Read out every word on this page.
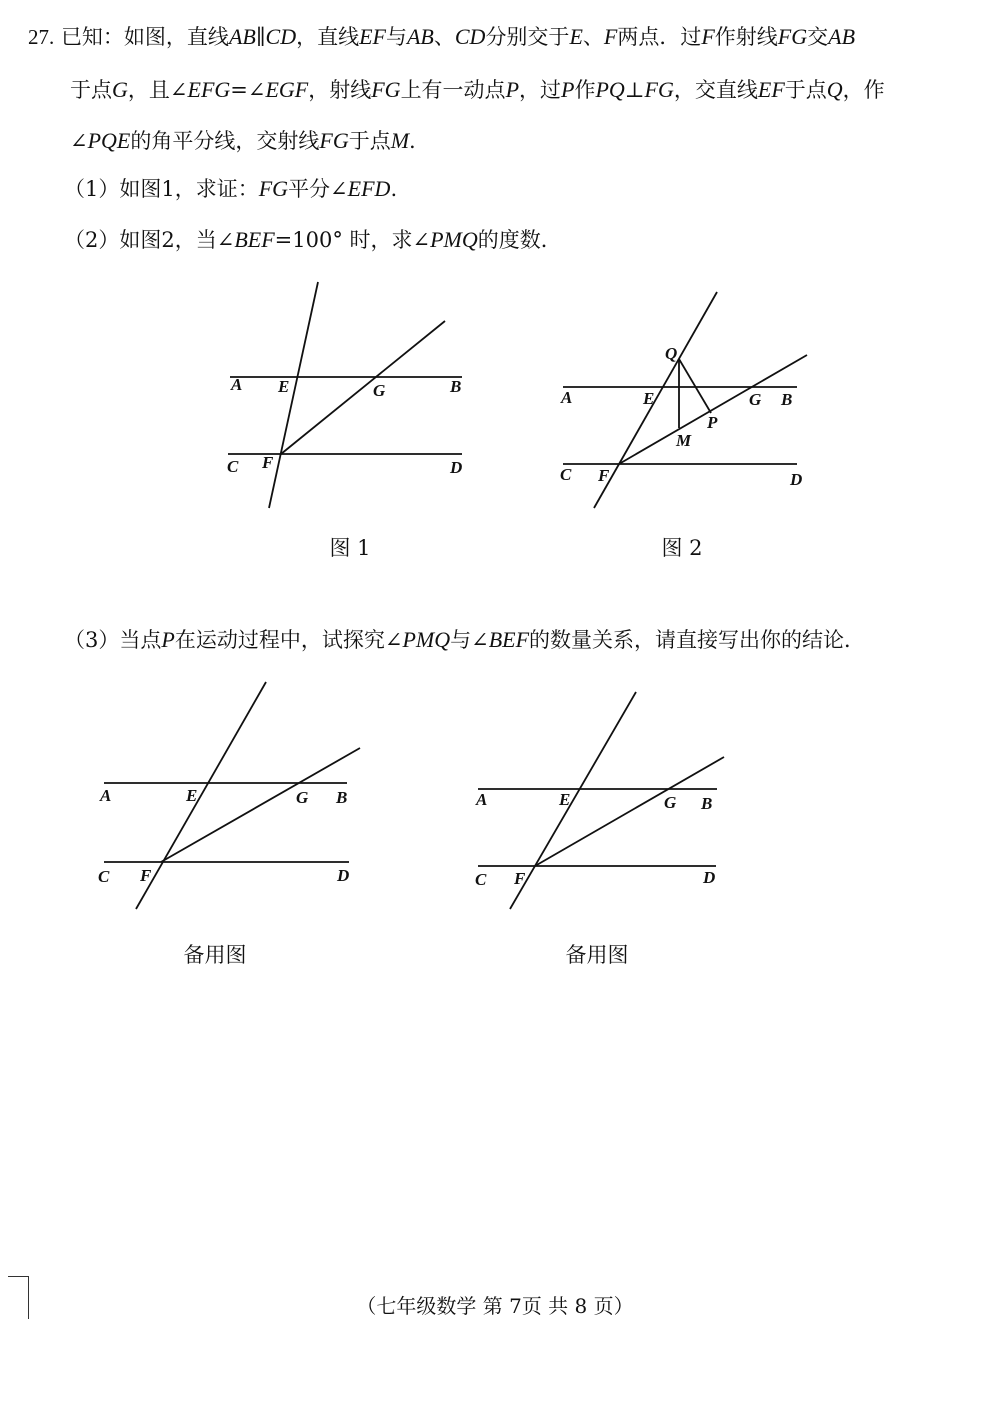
27. 已知：如图，直线AB∥CD，直线EF与AB、CD分别交于E、F两点．过F作射线FG交AB
于点G，且∠EFG=∠EGF，射线FG上有一动点P，过P作PQ⊥FG，交直线EF于点Q，作
∠PQE的角平分线，交射线FG于点M.
（1）如图1，求证：FG平分∠EFD.
（2）如图2，当∠BEF=100° 时，求∠PMQ的度数．
A E	G	B
C F	D
图 1
Q
A	E	G B
P
M
C F	D
图 2
（3）当点P在运动过程中，试探究∠PMQ与∠BEF的数量关系，请直接写出你的结论．
A	E	G B
C F	D
备用图
A	E	G B
C F	D
备用图
（七年级数学 第 7页 共 8 页）
